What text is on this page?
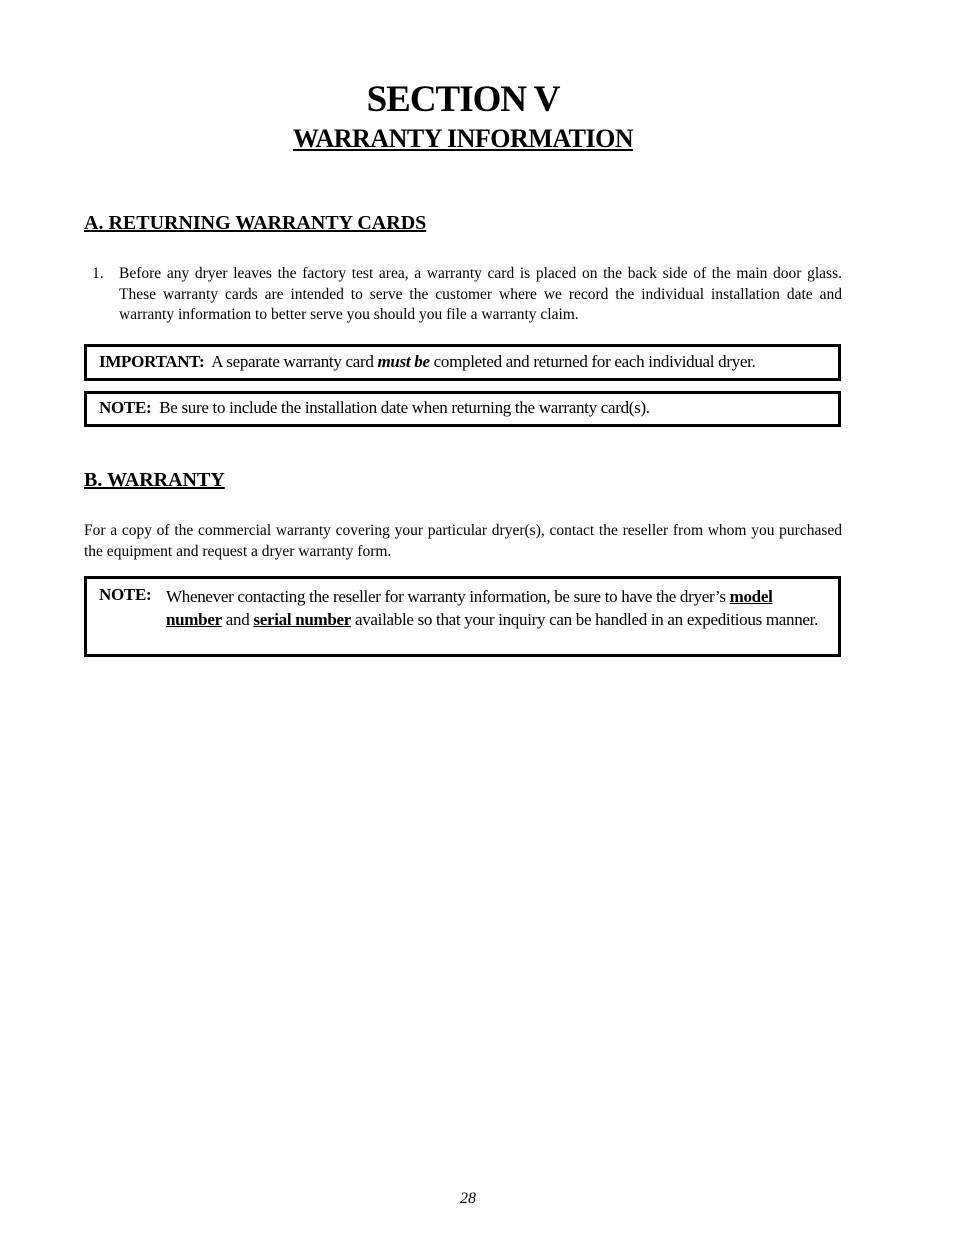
SECTION V
WARRANTY INFORMATION
A. RETURNING WARRANTY CARDS
1. Before any dryer leaves the factory test area, a warranty card is placed on the back side of the main door glass. These warranty cards are intended to serve the customer where we record the individual installation date and warranty information to better serve you should you file a warranty claim.
IMPORTANT: A separate warranty card must be completed and returned for each individual dryer.
NOTE: Be sure to include the installation date when returning the warranty card(s).
B. WARRANTY

For a copy of the commercial warranty covering your particular dryer(s), contact the reseller from whom you purchased the equipment and request a dryer warranty form.

NOTE: Whenever contacting the reseller for warranty information, be sure to have the dryer’s model number and serial number available so that your inquiry can be handled in an expeditious manner.
28
